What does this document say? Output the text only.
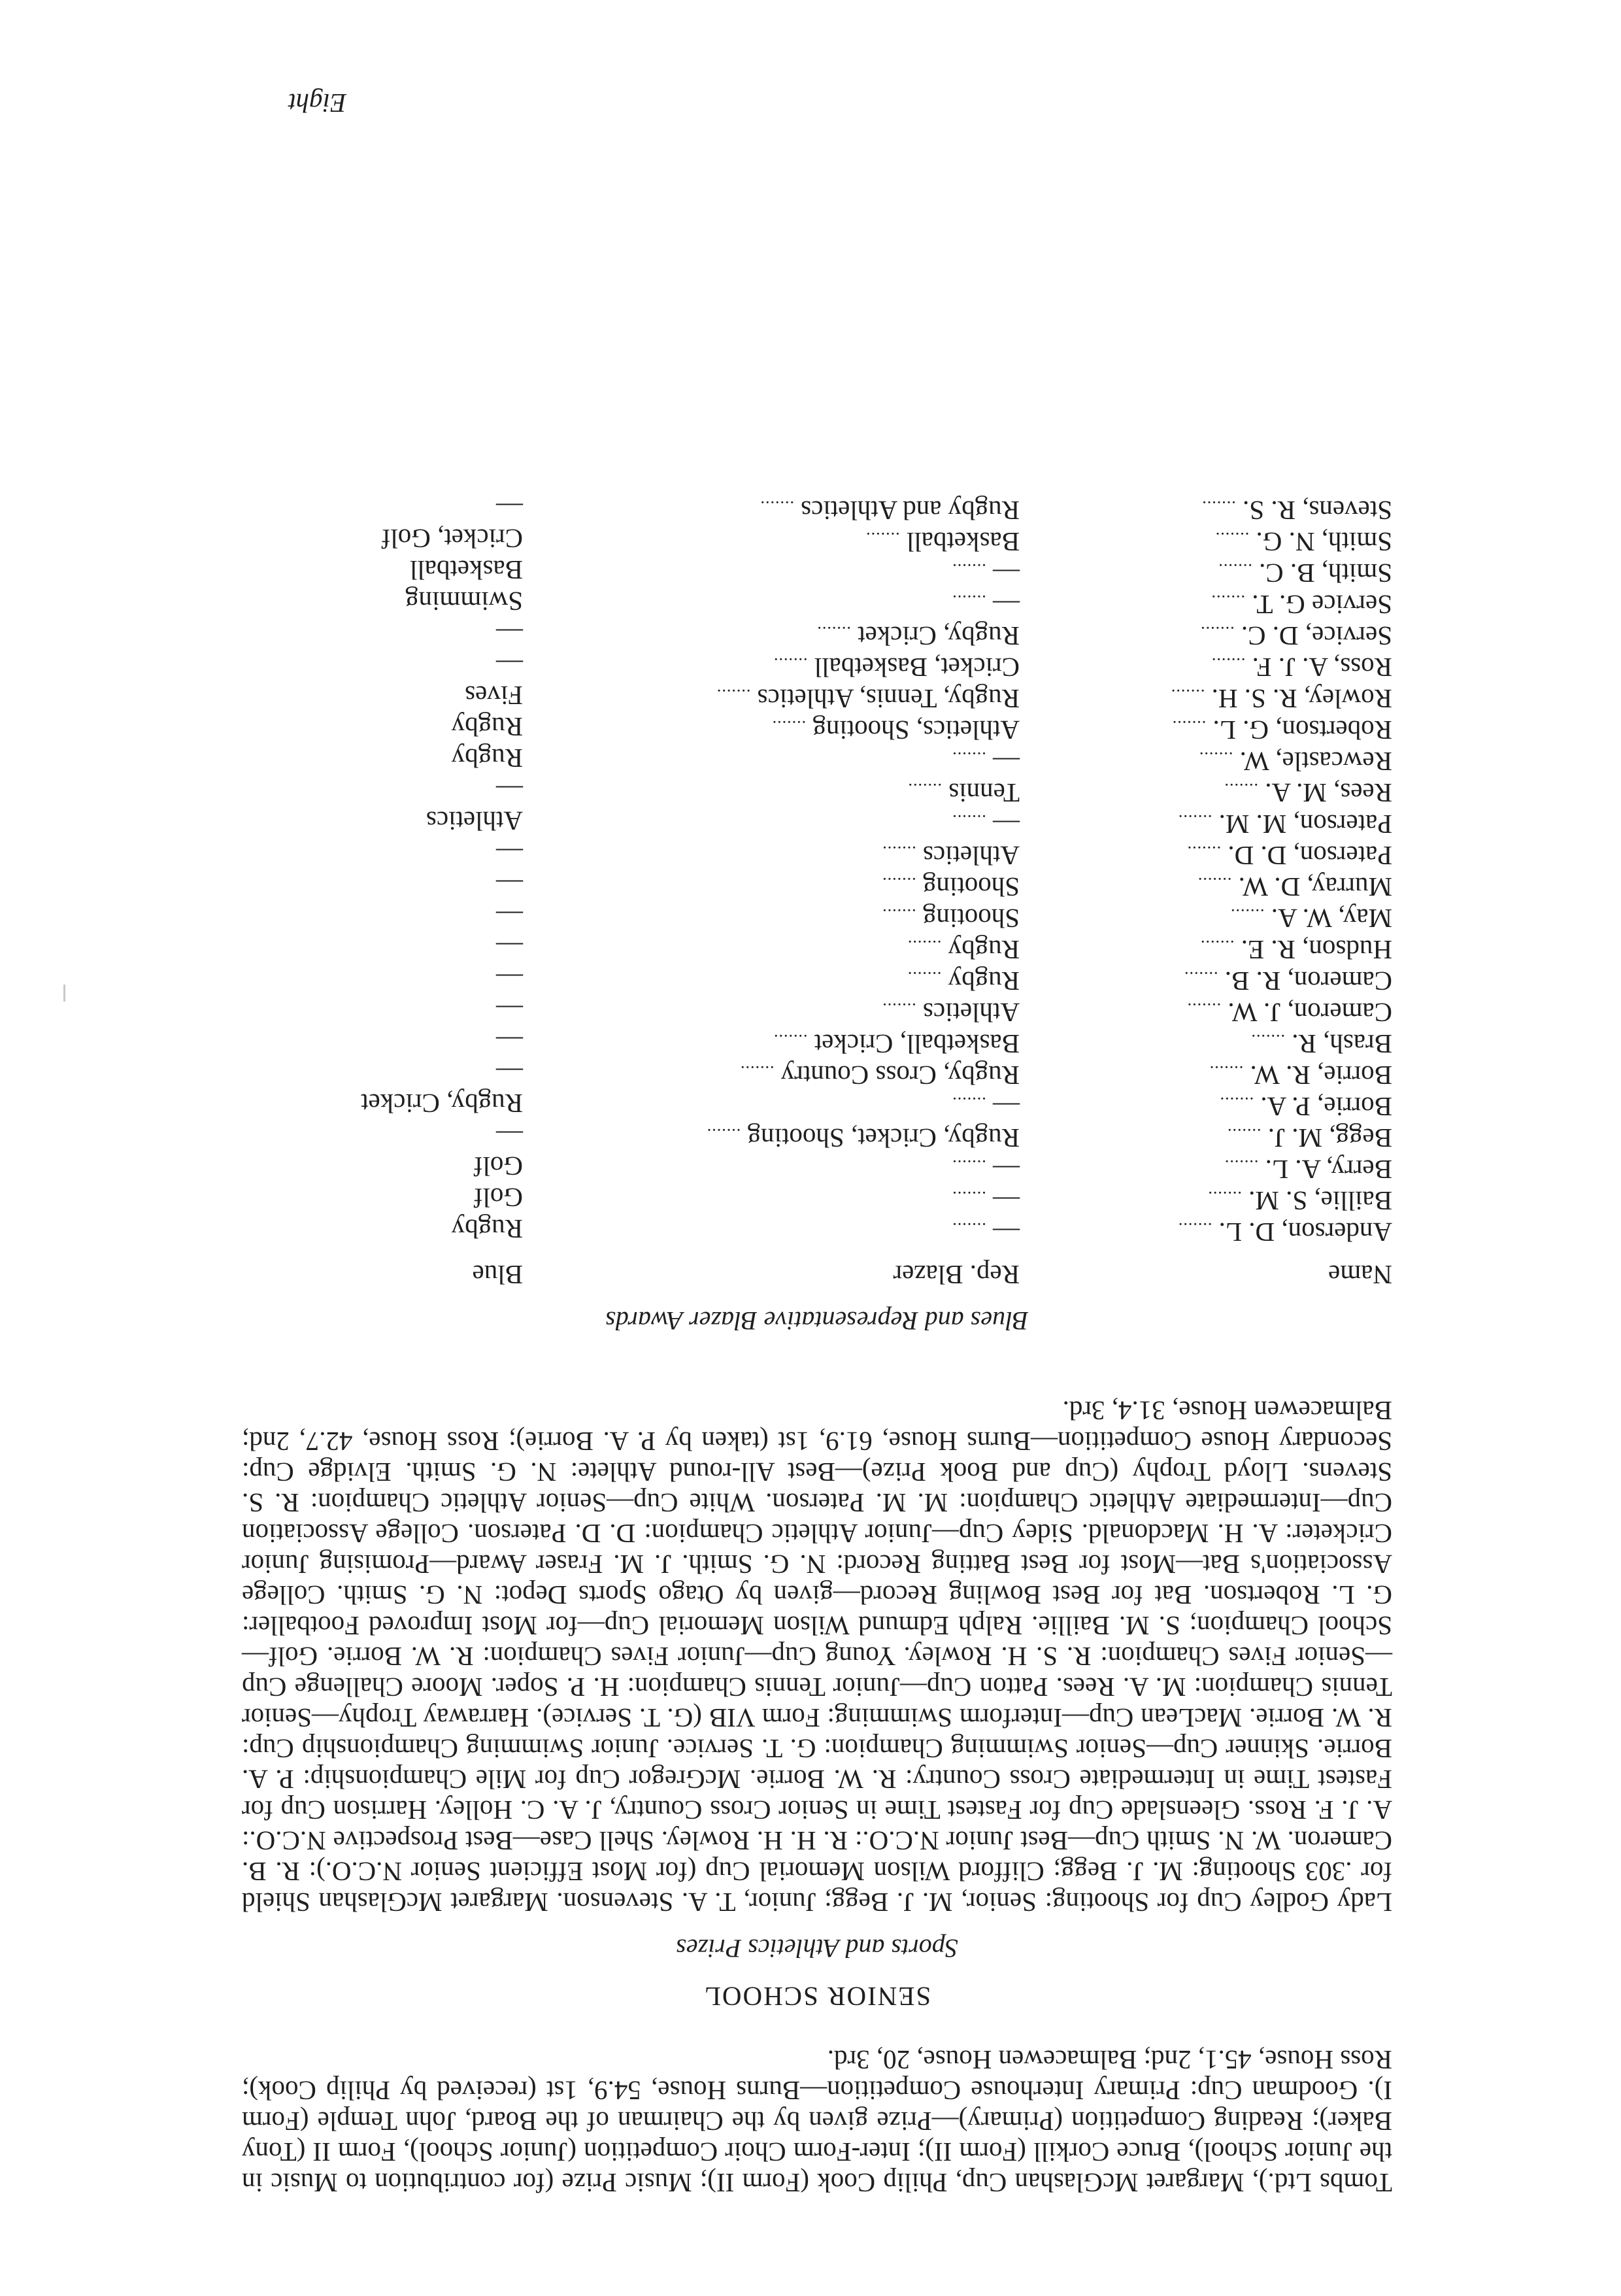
Tombs Ltd.), Margaret McGlashan Cup, Philip Cook (Form II); Music Prize (for contribution to Music in the Junior School), Bruce Corkill (Form II); Inter-Form Choir Competition (Junior School), Form II (Tony Baker); Reading Competition (Primary)—Prize given by the Chairman of the Board, John Temple (Form I). Goodman Cup: Primary Interhouse Competition—Burns House, 54.9, 1st (received by Philip Cook); Ross House, 45.1, 2nd; Balmacewen House, 20, 3rd.

SENIOR SCHOOL
Sports and Athletics Prizes

Lady Godley Cup for Shooting: Senior, M. J. Begg; Junior, T. A. Stevenson. Margaret McGlashan Shield for .303 Shooting: M. J. Begg; Clifford Wilson Memorial Cup (for Most Efficient Senior N.C.O.): R. B. Cameron. W. N. Smith Cup—Best Junior N.C.O.: R. H. H. Rowley. Shell Case—Best Prospective N.C.O.: A. J. F. Ross. Gleenslade Cup for Fastest Time in Senior Cross Country, J. A. C. Holley. Harrison Cup for Fastest Time in Intermediate Cross Country: R. W. Borrie. McGregor Cup for Mile Championship: P. A. Borrie. Skinner Cup—Senior Swimming Champion: G. T. Service. Junior Swimming Championship Cup: R. W. Borrie. MacLean Cup—Interform Swimming: Form VIB (G. T. Service). Harraway Trophy—Senior Tennis Champion: M. A. Rees. Patton Cup—Junior Tennis Champion: H. P. Soper. Moore Challenge Cup—Senior Fives Champion: R. S. H. Rowley. Young Cup—Junior Fives Champion: R. W. Borrie. Golf—School Champion; S. M. Baillie. Ralph Edmund Wilson Memorial Cup—for Most Improved Footballer: G. L. Robertson. Bat for Best Bowling Record—given by Otago Sports Depot: N. G. Smith. College Association's Bat—Most for Best Batting Record: N. G. Smith. J. M. Fraser Award—Promising Junior Cricketer: A. H. Macdonald. Sidey Cup—Junior Athletic Champion: D. D. Paterson. College Association Cup—Intermediate Athletic Champion: M. M. Paterson. White Cup—Senior Athletic Champion: R. S. Stevens. Lloyd Trophy (Cup and Book Prize)—Best All-round Athlete: N. G. Smith. Elvidge Cup: Secondary House Competition—Burns House, 61.9, 1st (taken by P. A. Borrie); Ross House, 42.7, 2nd; Balmacewen House, 31.4, 3rd.

Blues and Representative Blazer Awards
Name	Rep. Blazer	Blue
Anderson, D. L. .......	— .......	Rugby
Baillie, S. M. .......	— .......	Golf
Berry, A. L. .......	— .......	Golf
Begg, M. J. .......	Rugby, Cricket, Shooting .......	—
Borrie, P. A. .......	— .......	Rugby, Cricket
Borrie, R. W. .......	Rugby, Cross Country .......	—
Brash, R. .......	Basketball, Cricket .......	—
Cameron, J. W. .......	Athletics .......	—
Cameron, R. B. .......	Rugby .......	—
Hudson, R. E. .......	Rugby .......	—
May, W. A. .......	Shooting .......	—
Murray, D. W. .......	Shooting .......	—
Paterson, D. D. .......	Athletics .......	—
Paterson, M. M. .......	— .......	Athletics
Rees, M. A. .......	Tennis .......	—
Rewcastle, W. .......	— .......	Rugby
Robertson, G. L. .......	Athletics, Shooting .......	Rugby
Rowley, R. S. H. .......	Rugby, Tennis, Athletics .......	Fives
Ross, A. J. F. .......	Cricket, Basketball .......	—
Service, D. C. .......	Rugby, Cricket .......	—
Service G. T. .......	— .......	Swimming
Smith, B. C. .......	— .......	Basketball
Smith, N. G. .......	Basketball .......	Cricket, Golf
Stevens, R. S. .......	Rugby and Athletics .......	—
Eight
